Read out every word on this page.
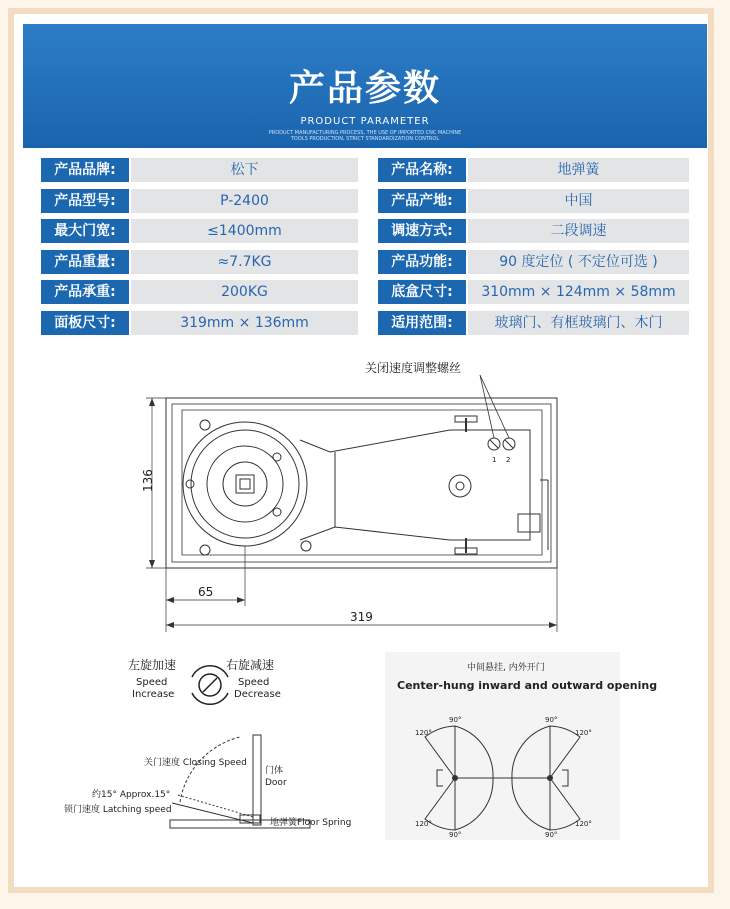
产品参数
PRODUCT PARAMETER
PRODUCT MANUFACTURING PROCESS, THE USE OF IMPORTED CNC MACHINE
TOOLS PRODUCTION, STRICT STANDARDIZATION CONTROL
产品品牌:	松下
产品型号:	P-2400
最大门宽:	≤1400mm
产品重量:	≈7.7KG
产品承重:	200KG
面板尺寸:	319mm × 136mm
产品名称:	地弹簧
产品产地:	中国
调速方式:	二段调速
产品功能:	90 度定位 ( 不定位可选 )
底盒尺寸:	310mm × 124mm × 58mm
适用范围:	玻璃门、有框玻璃门、木门
关闭速度调整螺丝
1 2
136
65
319
左旋加速
Speed
Increase
右旋减速
Speed
Decrease
关门速度 Closing Speed
门体
Door
约15° Approx.15°
锁门速度 Latching speed
地弹簧Floor Spring
中间悬挂, 内外开门
Center-hung inward and outward opening
90°
120°
90°
120°
90°
120°
90°
120°
